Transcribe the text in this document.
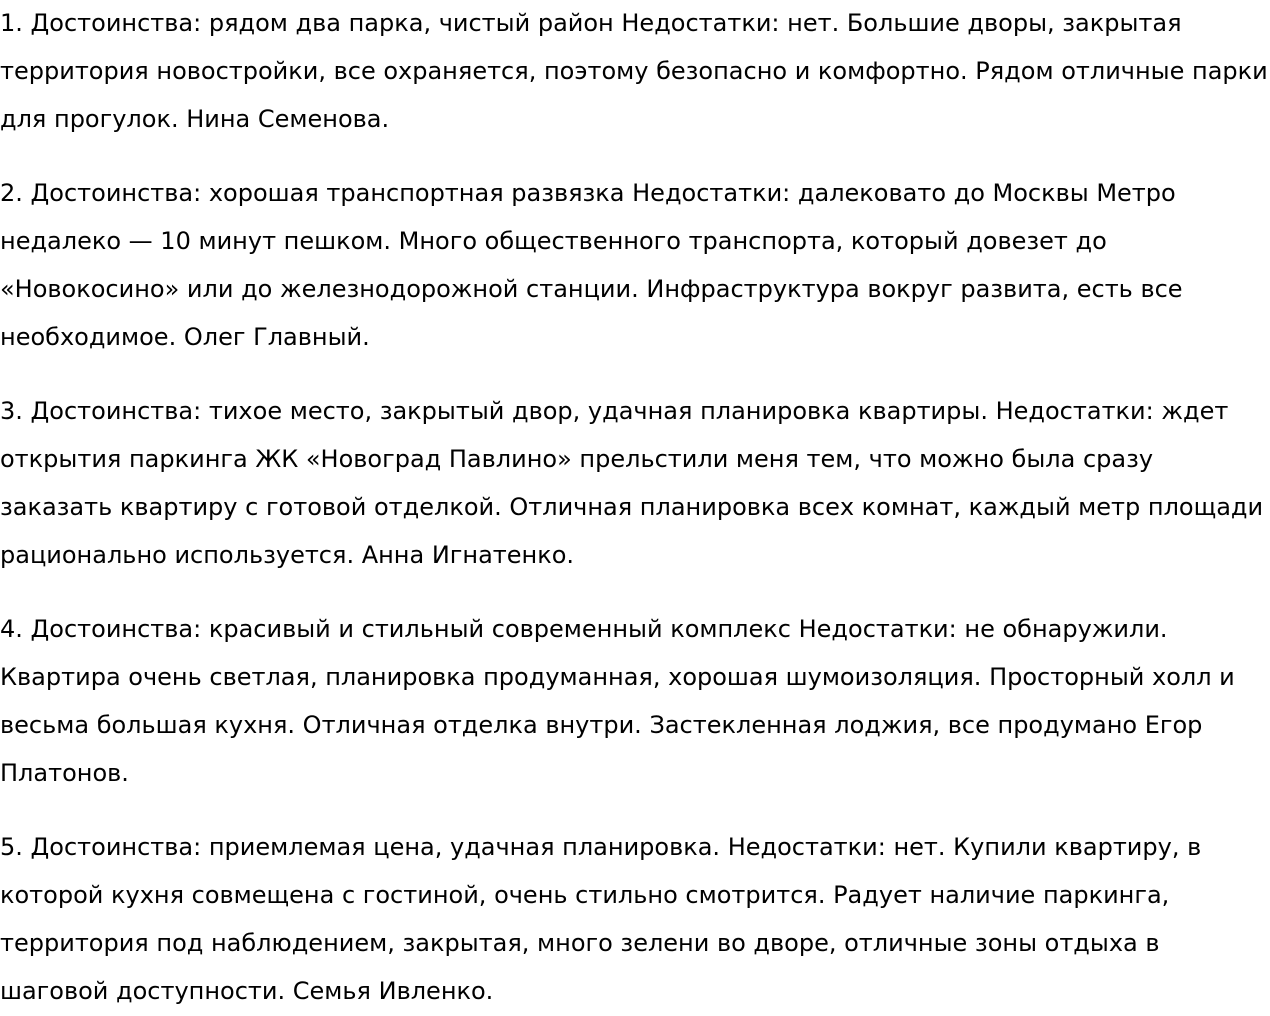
1. Достоинства: рядом два парка, чистый район Недостатки: нет. Большие дворы, закрытая территория новостройки, все охраняется, поэтому безопасно и комфортно. Рядом отличные парки для прогулок. Нина Семенова.

2. Достоинства: хорошая транспортная развязка Недостатки: далековато до Москвы Метро недалеко — 10 минут пешком. Много общественного транспорта, который довезет до «Новокосино» или до железнодорожной станции. Инфраструктура вокруг развита, есть все необходимое. Олег Главный.

3. Достоинства: тихое место, закрытый двор, удачная планировка квартиры. Недостатки: ждет открытия паркинга ЖК «Новоград Павлино» прельстили меня тем, что можно была сразу заказать квартиру с готовой отделкой. Отличная планировка всех комнат, каждый метр площади рационально используется. Анна Игнатенко.

4. Достоинства: красивый и стильный современный комплекс Недостатки: не обнаружили. Квартира очень светлая, планировка продуманная, хорошая шумоизоляция. Просторный холл и весьма большая кухня. Отличная отделка внутри. Застекленная лоджия, все продумано Егор Платонов.

5. Достоинства: приемлемая цена, удачная планировка. Недостатки: нет. Купили квартиру, в которой кухня совмещена с гостиной, очень стильно смотрится. Радует наличие паркинга, территория под наблюдением, закрытая, много зелени во дворе, отличные зоны отдыха в шаговой доступности. Семья Ивленко.
